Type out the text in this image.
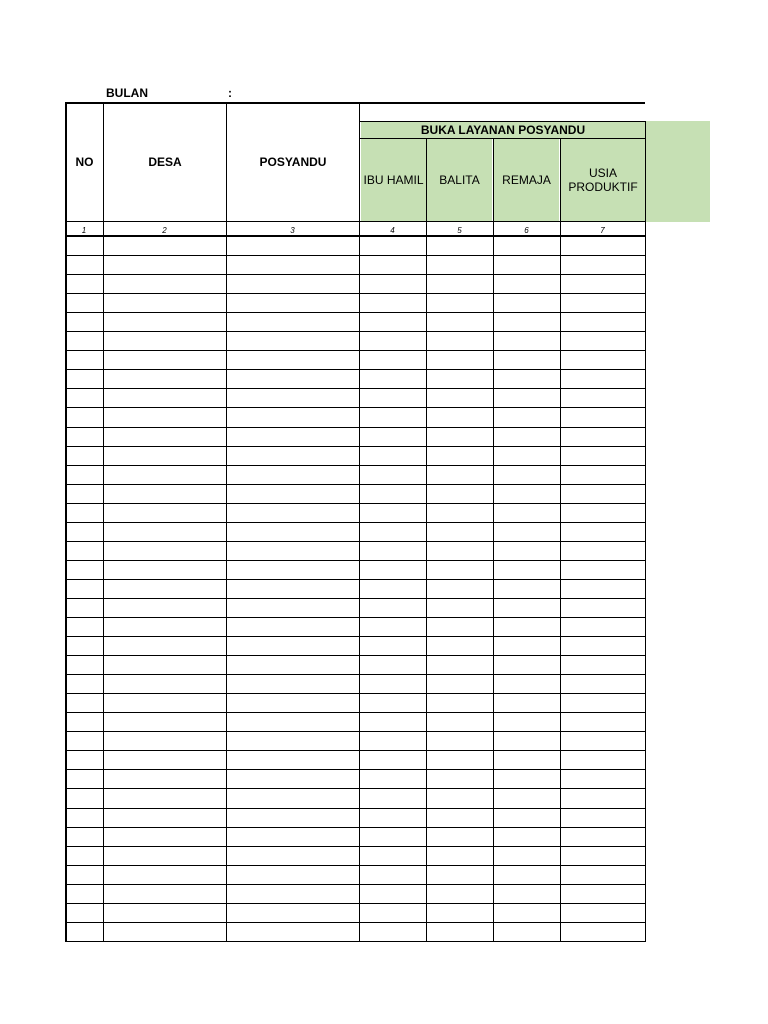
BULAN	:
NO	DESA	POSYANDU
BUKA LAYANAN POSYANDU
IBU HAMIL	BALITA	REMAJA	USIA PRODUKTIF
1	2	3	4	5	6	7
